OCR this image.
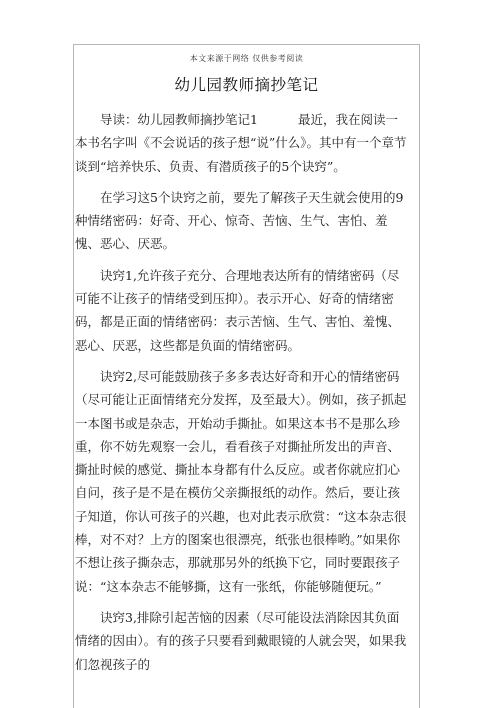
本文来源于网络 仅供参考阅读
幼儿园教师摘抄笔记

导读：幼儿园教师摘抄笔记1	最近，我在阅读一本书名字叫《不会说话的孩子想“说”什么》。其中有一个章节谈到“培养快乐、负责、有潜质孩子的5个诀窍”。

在学习这5个诀窍之前，要先了解孩子天生就会使用的9种情绪密码：好奇、开心、惊奇、苦恼、生气、害怕、羞愧、恶心、厌恶。

诀窍1,允许孩子充分、合理地表达所有的情绪密码（尽可能不让孩子的情绪受到压抑）。表示开心、好奇的情绪密码，都是正面的情绪密码：表示苦恼、生气、害怕、羞愧、恶心、厌恶，这些都是负面的情绪密码。

诀窍2,尽可能鼓励孩子多多表达好奇和开心的情绪密码（尽可能让正面情绪充分发挥，及至最大）。例如，孩子抓起一本图书或是杂志，开始动手撕扯。如果这本书不是那么珍重，你不妨先观察一会儿，看看孩子对撕扯所发出的声音、撕扯时候的感觉、撕扯本身都有什么反应。或者你就应扪心自问，孩子是不是在模仿父亲撕报纸的动作。然后，要让孩子知道，你认可孩子的兴趣，也对此表示欣赏：“这本杂志很棒，对不对？上方的图案也很漂亮，纸张也很棒哟。”如果你不想让孩子撕杂志，那就那另外的纸换下它，同时要跟孩子说：“这本杂志不能够撕，这有一张纸，你能够随便玩。”

诀窍3,排除引起苦恼的因素（尽可能设法消除因其负面情绪的因由）。有的孩子只要看到戴眼镜的人就会哭，如果我们忽视孩子的
